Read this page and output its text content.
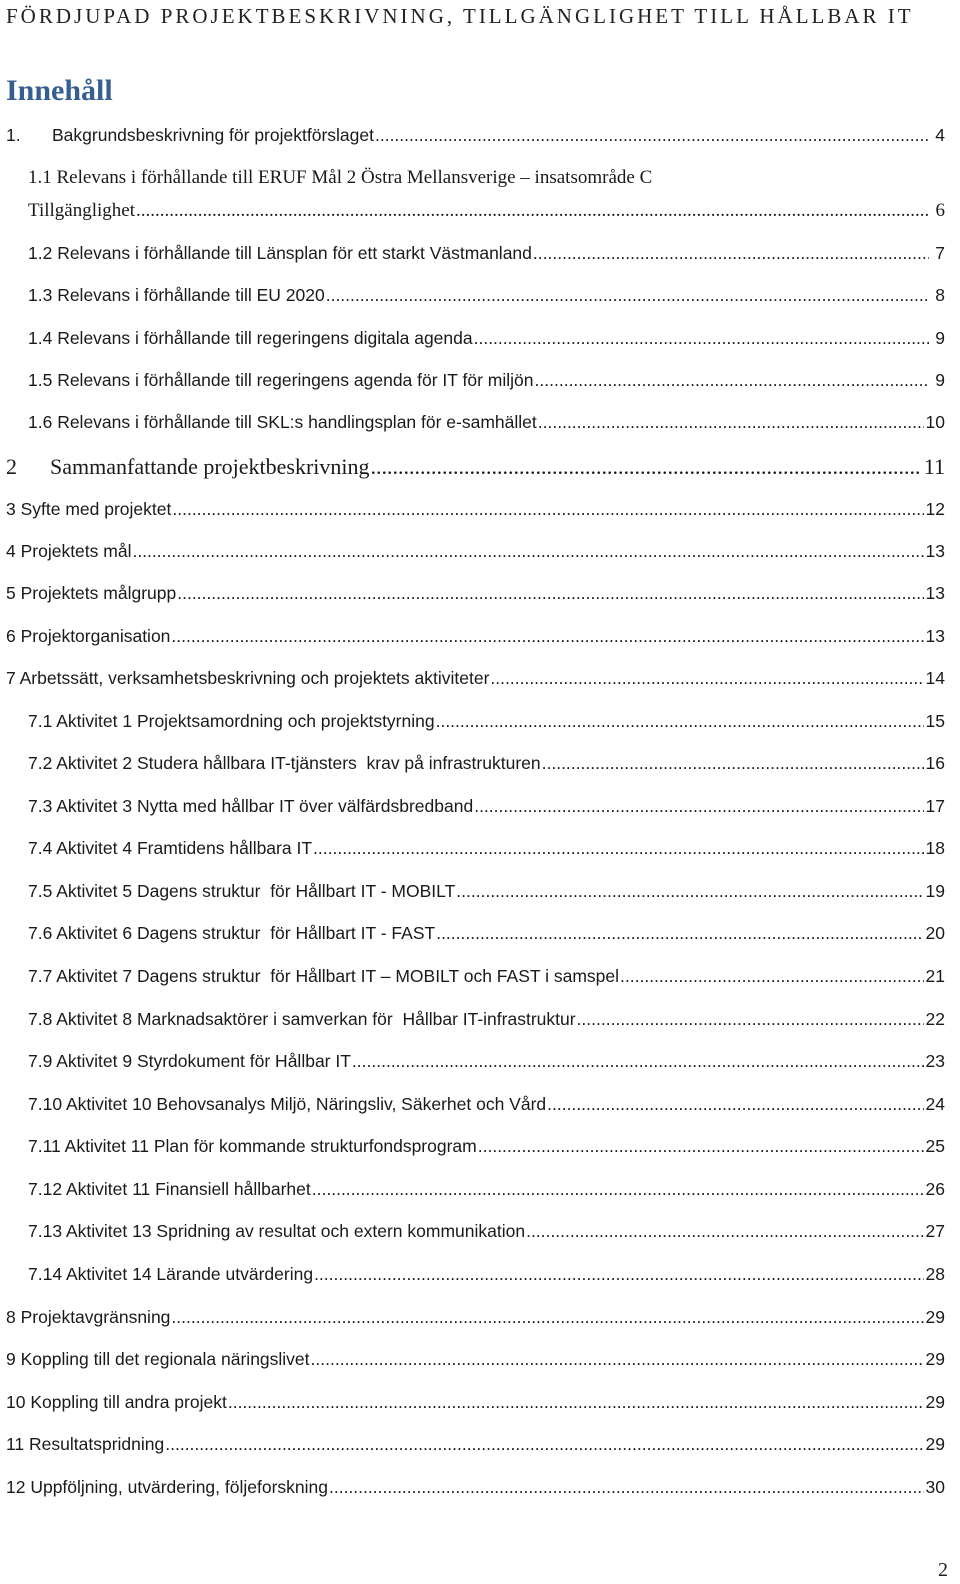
FÖRDJUPAD PROJEKTBESKRIVNING, TILLGÄNGLIGHET TILL HÅLLBAR IT
Innehåll
1.	Bakgrundsbeskrivning för projektförslaget .....	4
1.1 Relevans i förhållande till ERUF Mål 2 Östra Mellansverige – insatsområde C
Tillgänglighet .....	6
1.2 Relevans i förhållande till Länsplan för ett starkt Västmanland .....	7
1.3 Relevans i förhållande till EU 2020 .....	8
1.4 Relevans i förhållande till regeringens digitala agenda .....	9
1.5 Relevans i förhållande till regeringens agenda för IT för miljön .....	9
1.6 Relevans i förhållande till SKL:s handlingsplan för e-samhället .....	10
2	Sammanfattande projektbeskrivning .....	11
3 Syfte med projektet .....	12
4 Projektets mål .....	13
5 Projektets målgrupp .....	13
6 Projektorganisation .....	13
7 Arbetssätt, verksamhetsbeskrivning och projektets aktiviteter .....	14
7.1 Aktivitet 1 Projektsamordning och projektstyrning .....	15
7.2 Aktivitet 2 Studera hållbara IT-tjänsters  krav på infrastrukturen .....	16
7.3 Aktivitet 3 Nytta med hållbar IT över välfärdsbredband .....	17
7.4 Aktivitet 4 Framtidens hållbara IT .....	18
7.5 Aktivitet 5 Dagens struktur  för Hållbart IT - MOBILT .....	19
7.6 Aktivitet 6 Dagens struktur  för Hållbart IT - FAST .....	20
7.7 Aktivitet 7 Dagens struktur  för Hållbart IT – MOBILT och FAST i samspel .....	21
7.8 Aktivitet 8 Marknadsaktörer i samverkan för  Hållbar IT-infrastruktur .....	22
7.9 Aktivitet 9 Styrdokument för Hållbar IT .....	23
7.10 Aktivitet 10 Behovsanalys Miljö, Näringsliv, Säkerhet och Vård .....	24
7.11 Aktivitet 11 Plan för kommande strukturfondsprogram .....	25
7.12 Aktivitet 11 Finansiell hållbarhet .....	26
7.13 Aktivitet 13 Spridning av resultat och extern kommunikation .....	27
7.14 Aktivitet 14 Lärande utvärdering .....	28
8 Projektavgränsning .....	29
9 Koppling till det regionala näringslivet .....	29
10 Koppling till andra projekt .....	29
11 Resultatspridning .....	29
12 Uppföljning, utvärdering, följeforskning .....	30
2
